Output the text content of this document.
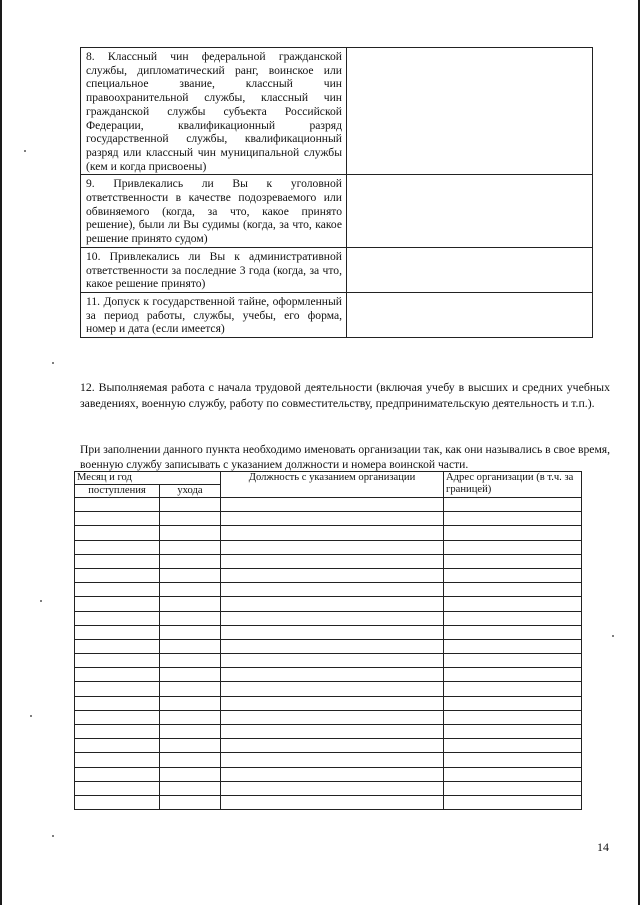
8. Классный чин федеральной гражданской службы, дипломатический ранг, воинское или специальное звание, классный чин правоохранительной службы, классный чин гражданской службы субъекта Российской Федерации, квалификационный разряд государственной службы, квалификационный разряд или классный чин муниципальной службы (кем и когда присвоены)	
9. Привлекались ли Вы к уголовной ответственности в качестве подозреваемого или обвиняемого (когда, за что, какое принято решение), были ли Вы судимы (когда, за что, какое решение принято судом)	
10. Привлекались ли Вы к административной ответственности за последние 3 года (когда, за что, какое решение принято)	
11. Допуск к государственной тайне, оформленный за период работы, службы, учебы, его форма, номер и дата (если имеется)	

12. Выполняемая работа с начала трудовой деятельности (включая учебу в высших и средних учебных заведениях, военную службу, работу по совместительству, предпринимательскую деятельность и т.п.).

При заполнении данного пункта необходимо именовать организации так, как они назывались в свое время, военную службу записывать с указанием должности и номера воинской части.

Месяц и год		Должность с указанием организации	Адрес организации (в т.ч. за границей)
поступления	ухода		

14
